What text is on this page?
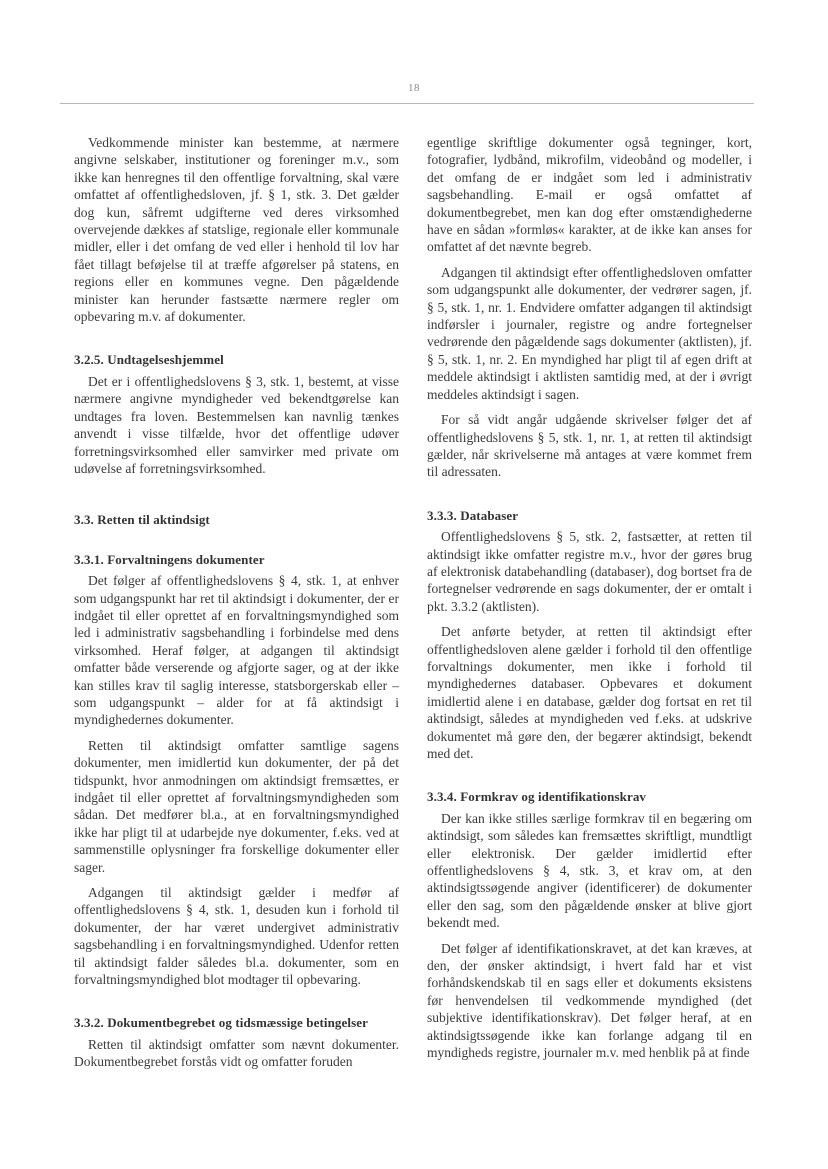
18

Vedkommende minister kan bestemme, at nærmere angivne selskaber, institutioner og foreninger m.v., som ikke kan henregnes til den offentlige forvaltning, skal være omfattet af offentlighedsloven, jf. § 1, stk. 3. Det gælder dog kun, såfremt udgifterne ved deres virksomhed overvejende dækkes af statslige, regionale eller kommunale midler, eller i det omfang de ved eller i henhold til lov har fået tillagt beføjelse til at træffe afgørelser på statens, en regions eller en kommunes vegne. Den pågældende minister kan herunder fastsætte nærmere regler om opbevaring m.v. af dokumenter.

3.2.5. Undtagelseshjemmel

Det er i offentlighedslovens § 3, stk. 1, bestemt, at visse nærmere angivne myndigheder ved bekendtgørelse kan undtages fra loven. Bestemmelsen kan navnlig tænkes anvendt i visse tilfælde, hvor det offentlige udøver forretningsvirksomhed eller samvirker med private om udøvelse af forretningsvirksomhed.

3.3. Retten til aktindsigt
3.3.1. Forvaltningens dokumenter

Det følger af offentlighedslovens § 4, stk. 1, at enhver som udgangspunkt har ret til aktindsigt i dokumenter, der er indgået til eller oprettet af en forvaltningsmyndighed som led i administrativ sagsbehandling i forbindelse med dens virksomhed. Heraf følger, at adgangen til aktindsigt omfatter både verserende og afgjorte sager, og at der ikke kan stilles krav til saglig interesse, statsborgerskab eller – som udgangspunkt – alder for at få aktindsigt i myndighedernes dokumenter.

Retten til aktindsigt omfatter samtlige sagens dokumenter, men imidlertid kun dokumenter, der på det tidspunkt, hvor anmodningen om aktindsigt fremsættes, er indgået til eller oprettet af forvaltningsmyndigheden som sådan. Det medfører bl.a., at en forvaltningsmyndighed ikke har pligt til at udarbejde nye dokumenter, f.eks. ved at sammenstille oplysninger fra forskellige dokumenter eller sager.

Adgangen til aktindsigt gælder i medfør af offentlighedslovens § 4, stk. 1, desuden kun i forhold til dokumenter, der har været undergivet administrativ sagsbehandling i en forvaltningsmyndighed. Udenfor retten til aktindsigt falder således bl.a. dokumenter, som en forvaltningsmyndighed blot modtager til opbevaring.

3.3.2. Dokumentbegrebet og tidsmæssige betingelser

Retten til aktindsigt omfatter som nævnt dokumenter. Dokumentbegrebet forstås vidt og omfatter foruden

egentlige skriftlige dokumenter også tegninger, kort, fotografier, lydbånd, mikrofilm, videobånd og modeller, i det omfang de er indgået som led i administrativ sagsbehandling. E-mail er også omfattet af dokumentbegrebet, men kan dog efter omstændighederne have en sådan »formløs« karakter, at de ikke kan anses for omfattet af det nævnte begreb.

Adgangen til aktindsigt efter offentlighedsloven omfatter som udgangspunkt alle dokumenter, der vedrører sagen, jf. § 5, stk. 1, nr. 1. Endvidere omfatter adgangen til aktindsigt indførsler i journaler, registre og andre fortegnelser vedrørende den pågældende sags dokumenter (aktlisten), jf. § 5, stk. 1, nr. 2. En myndighed har pligt til af egen drift at meddele aktindsigt i aktlisten samtidig med, at der i øvrigt meddeles aktindsigt i sagen.

For så vidt angår udgående skrivelser følger det af offentlighedslovens § 5, stk. 1, nr. 1, at retten til aktindsigt gælder, når skrivelserne må antages at være kommet frem til adressaten.

3.3.3. Databaser

Offentlighedslovens § 5, stk. 2, fastsætter, at retten til aktindsigt ikke omfatter registre m.v., hvor der gøres brug af elektronisk databehandling (databaser), dog bortset fra de fortegnelser vedrørende en sags dokumenter, der er omtalt i pkt. 3.3.2 (aktlisten).

Det anførte betyder, at retten til aktindsigt efter offentlighedsloven alene gælder i forhold til den offentlige forvaltnings dokumenter, men ikke i forhold til myndighedernes databaser. Opbevares et dokument imidlertid alene i en database, gælder dog fortsat en ret til aktindsigt, således at myndigheden ved f.eks. at udskrive dokumentet må gøre den, der begærer aktindsigt, bekendt med det.

3.3.4. Formkrav og identifikationskrav

Der kan ikke stilles særlige formkrav til en begæring om aktindsigt, som således kan fremsættes skriftligt, mundtligt eller elektronisk. Der gælder imidlertid efter offentlighedslovens § 4, stk. 3, et krav om, at den aktindsigtssøgende angiver (identificerer) de dokumenter eller den sag, som den pågældende ønsker at blive gjort bekendt med.

Det følger af identifikationskravet, at det kan kræves, at den, der ønsker aktindsigt, i hvert fald har et vist forhåndskendskab til en sags eller et dokuments eksistens før henvendelsen til vedkommende myndighed (det subjektive identifikationskrav). Det følger heraf, at en aktindsigtssøgende ikke kan forlange adgang til en myndigheds registre, journaler m.v. med henblik på at finde
